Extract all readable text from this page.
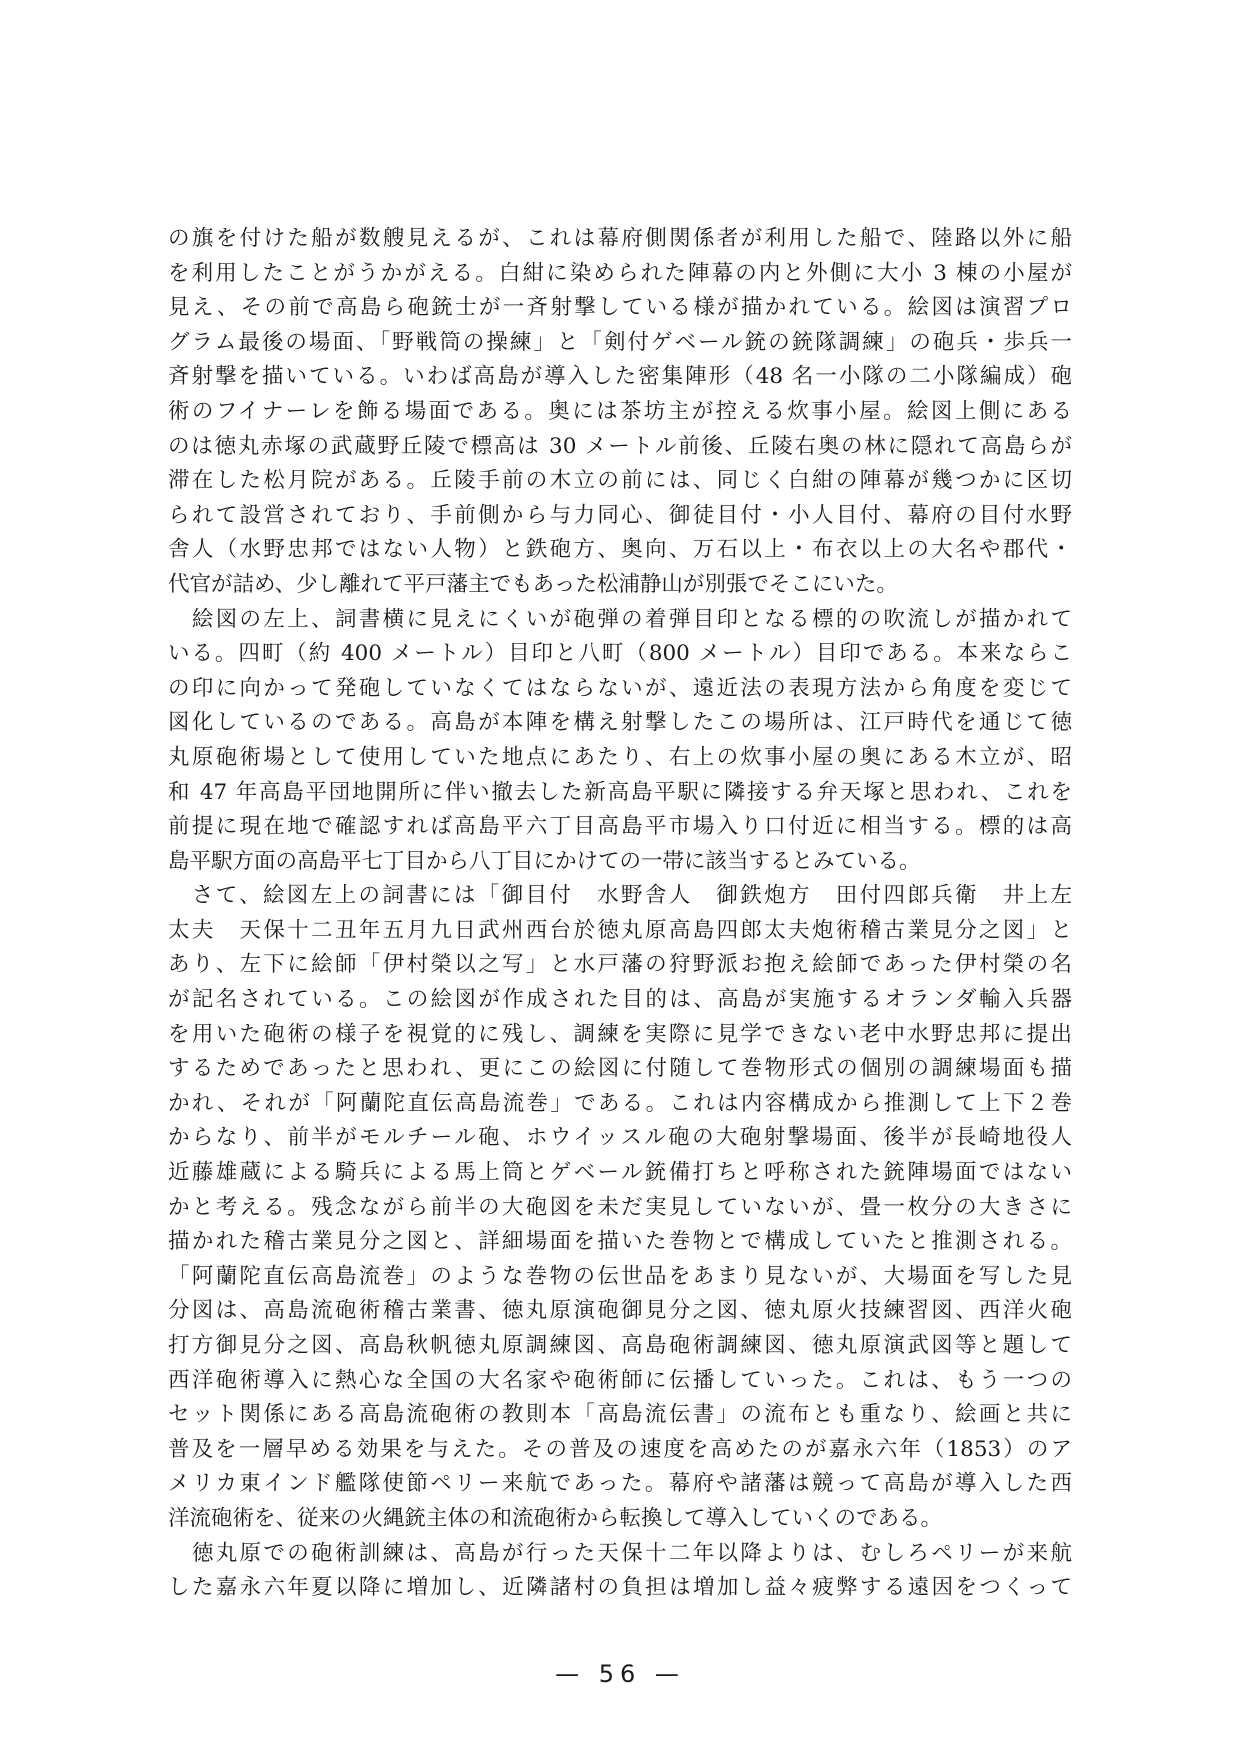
の旗を付けた船が数艘見えるが、これは幕府側関係者が利用した船で、陸路以外に船
を利用したことがうかがえる。白紺に染められた陣幕の内と外側に大小 3 棟の小屋が
見え、その前で高島ら砲銃士が一斉射撃している様が描かれている。絵図は演習プロ
グラム最後の場面、「野戦筒の操練」と「剣付ゲベール銃の銃隊調練」の砲兵・歩兵一
斉射撃を描いている。いわば高島が導入した密集陣形（48 名一小隊の二小隊編成）砲
術のフイナーレを飾る場面である。奥には茶坊主が控える炊事小屋。絵図上側にある
のは徳丸赤塚の武蔵野丘陵で標高は 30 メートル前後、丘陵右奥の林に隠れて高島らが
滞在した松月院がある。丘陵手前の木立の前には、同じく白紺の陣幕が幾つかに区切
られて設営されており、手前側から与力同心、御徒目付・小人目付、幕府の目付水野
舎人（水野忠邦ではない人物）と鉄砲方、奥向、万石以上・布衣以上の大名や郡代・
代官が詰め、少し離れて平戸藩主でもあった松浦静山が別張でそこにいた。
　絵図の左上、詞書横に見えにくいが砲弾の着弾目印となる標的の吹流しが描かれて
いる。四町（約 400 メートル）目印と八町（800 メートル）目印である。本来ならこ
の印に向かって発砲していなくてはならないが、遠近法の表現方法から角度を変じて
図化しているのである。高島が本陣を構え射撃したこの場所は、江戸時代を通じて徳
丸原砲術場として使用していた地点にあたり、右上の炊事小屋の奥にある木立が、昭
和 47 年高島平団地開所に伴い撤去した新高島平駅に隣接する弁天塚と思われ、これを
前提に現在地で確認すれば高島平六丁目高島平市場入り口付近に相当する。標的は高
島平駅方面の高島平七丁目から八丁目にかけての一帯に該当するとみている。
　さて、絵図左上の詞書には「御目付　水野舎人　御鉄炮方　田付四郎兵衛　井上左
太夫　天保十二丑年五月九日武州西台於徳丸原高島四郎太夫炮術稽古業見分之図」と
あり、左下に絵師「伊村榮以之写」と水戸藩の狩野派お抱え絵師であった伊村榮の名
が記名されている。この絵図が作成された目的は、高島が実施するオランダ輸入兵器
を用いた砲術の様子を視覚的に残し、調練を実際に見学できない老中水野忠邦に提出
するためであったと思われ、更にこの絵図に付随して巻物形式の個別の調練場面も描
かれ、それが「阿蘭陀直伝高島流巻」である。これは内容構成から推測して上下２巻
からなり、前半がモルチール砲、ホウイッスル砲の大砲射撃場面、後半が長崎地役人
近藤雄蔵による騎兵による馬上筒とゲベール銃備打ちと呼称された銃陣場面ではない
かと考える。残念ながら前半の大砲図を未だ実見していないが、畳一枚分の大きさに
描かれた稽古業見分之図と、詳細場面を描いた巻物とで構成していたと推測される。
「阿蘭陀直伝高島流巻」のような巻物の伝世品をあまり見ないが、大場面を写した見
分図は、高島流砲術稽古業書、徳丸原演砲御見分之図、徳丸原火技練習図、西洋火砲
打方御見分之図、高島秋帆徳丸原調練図、高島砲術調練図、徳丸原演武図等と題して
西洋砲術導入に熱心な全国の大名家や砲術師に伝播していった。これは、もう一つの
セット関係にある高島流砲術の教則本「高島流伝書」の流布とも重なり、絵画と共に
普及を一層早める効果を与えた。その普及の速度を高めたのが嘉永六年（1853）のア
メリカ東インド艦隊使節ペリー来航であった。幕府や諸藩は競って高島が導入した西
洋流砲術を、従来の火縄銃主体の和流砲術から転換して導入していくのである。
　徳丸原での砲術訓練は、高島が行った天保十二年以降よりは、むしろペリーが来航
した嘉永六年夏以降に増加し、近隣諸村の負担は増加し益々疲弊する遠因をつくって
— 56 —
